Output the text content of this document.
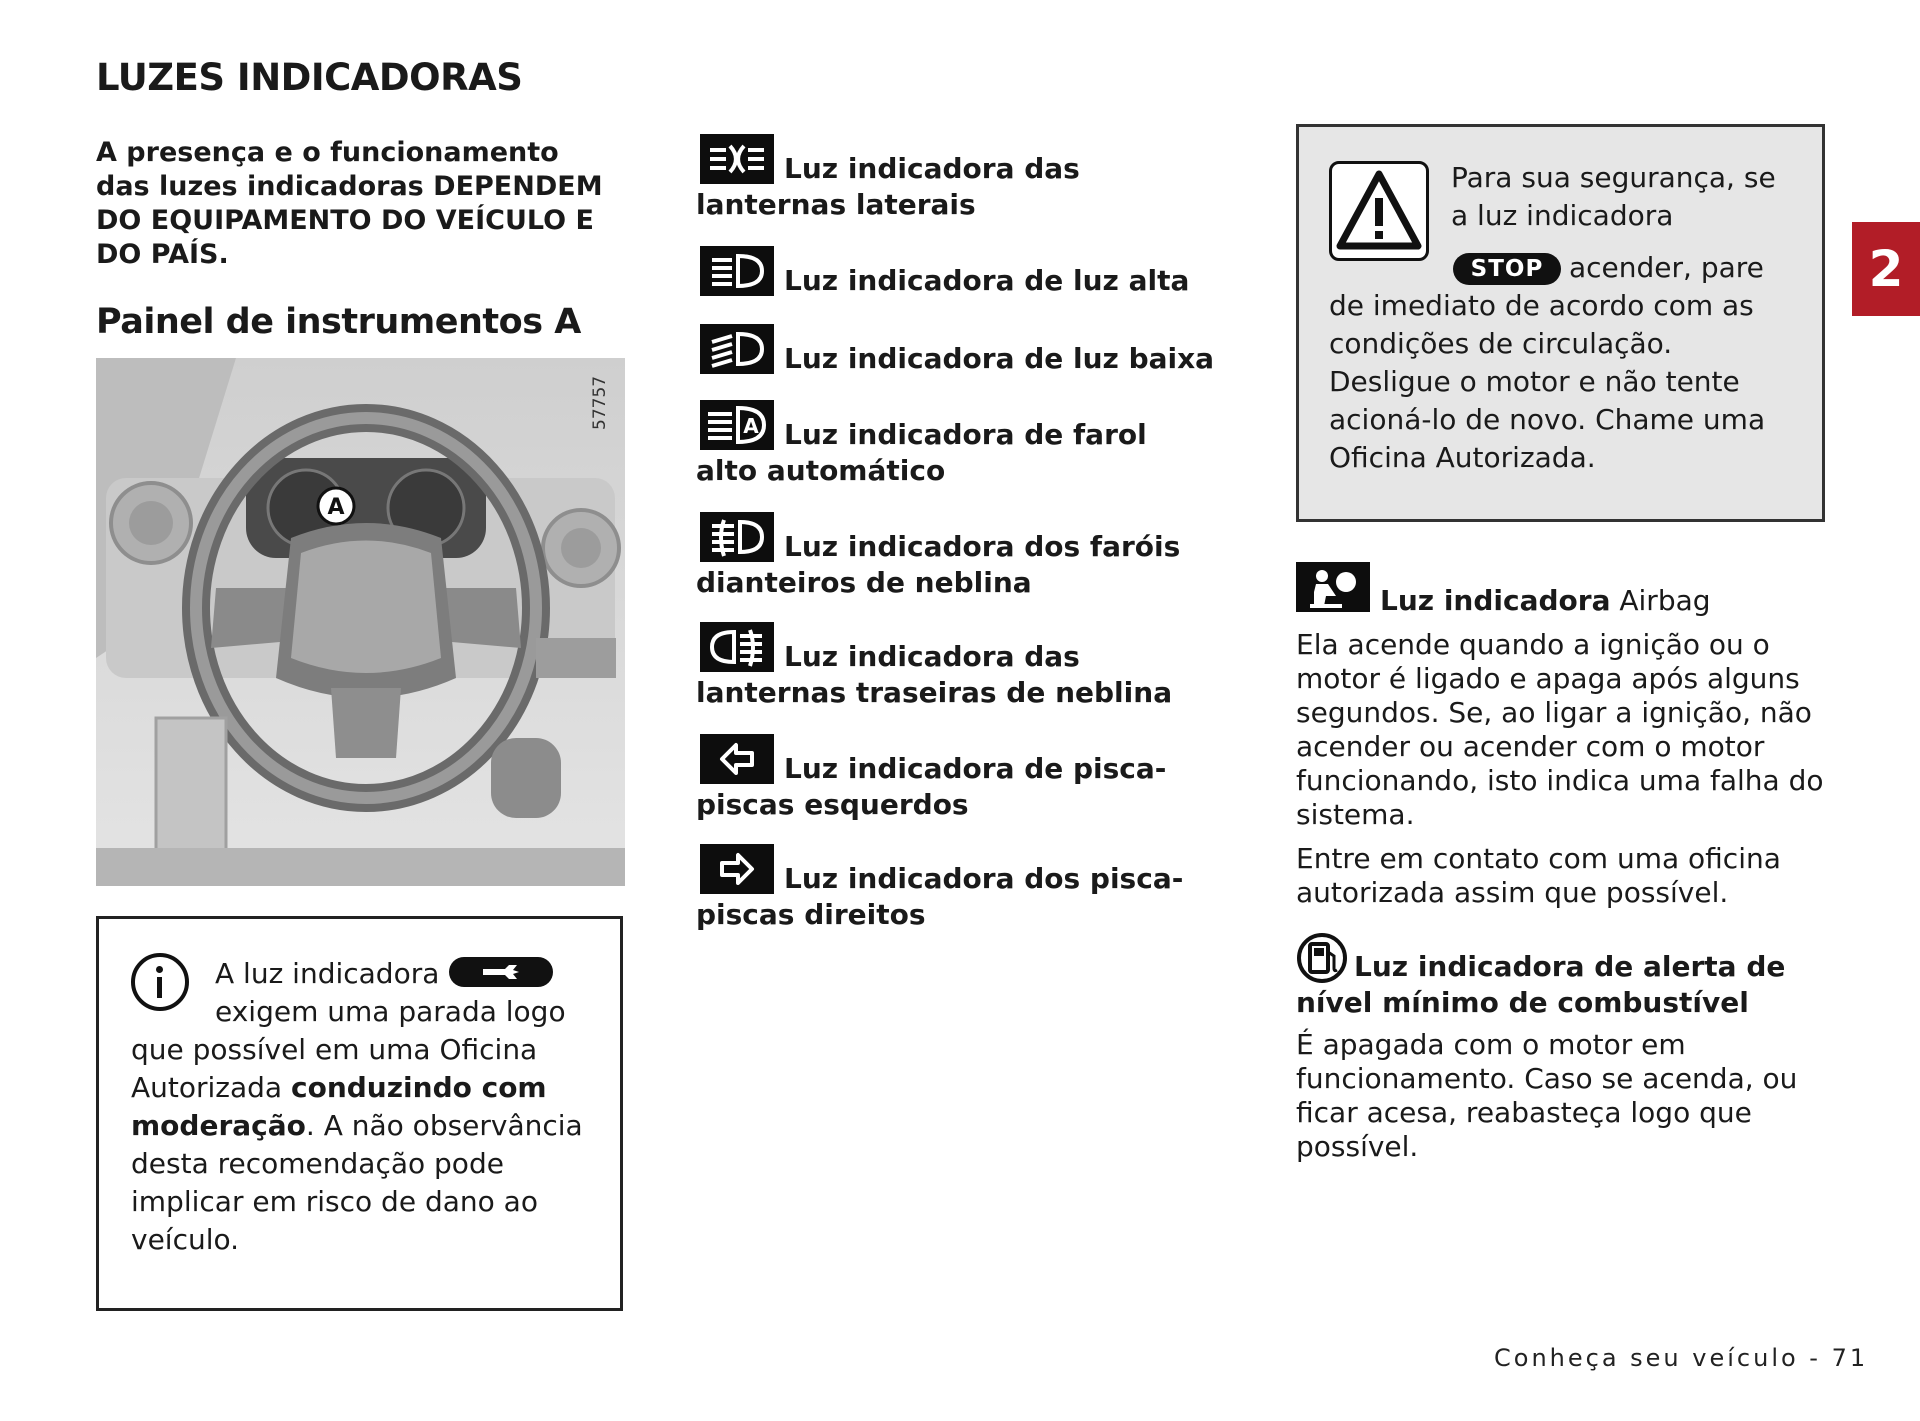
LUZES INDICADORAS
A presença e o funcionamento das luzes indicadoras DEPENDEM DO EQUIPAMENTO DO VEÍCULO E DO PAÍS.
Painel de instrumentos A
A
57757
A luz indicadora
exigem uma parada logo que possível em uma Oficina Autorizada conduzindo com moderação. A não observância desta recomendação pode implicar em risco de dano ao veículo.
Luz indicadora das lanternas laterais
Luz indicadora de luz alta
Luz indicadora de luz baixa
A Luz indicadora de farol alto automático
Luz indicadora dos faróis dianteiros de neblina
Luz indicadora das lanternas traseiras de neblina
Luz indicadora de pisca-piscas esquerdos
Luz indicadora dos pisca-piscas direitos
Para sua segurança, se a luz indicadora
STOP acender, pare de imediato de acordo com as condições de circulação. Desligue o motor e não tente acioná-lo de novo. Chame uma Oficina Autorizada.
Luz indicadora Airbag
Ela acende quando a ignição ou o motor é ligado e apaga após alguns segundos. Se, ao ligar a ignição, não acender ou acender com o motor funcionando, isto indica uma falha do sistema.
Entre em contato com uma oficina autorizada assim que possível.
Luz indicadora de alerta de nível mínimo de combustível
É apagada com o motor em funcionamento. Caso se acenda, ou ficar acesa, reabasteça logo que possível.
2
Conheça seu veículo - 71
